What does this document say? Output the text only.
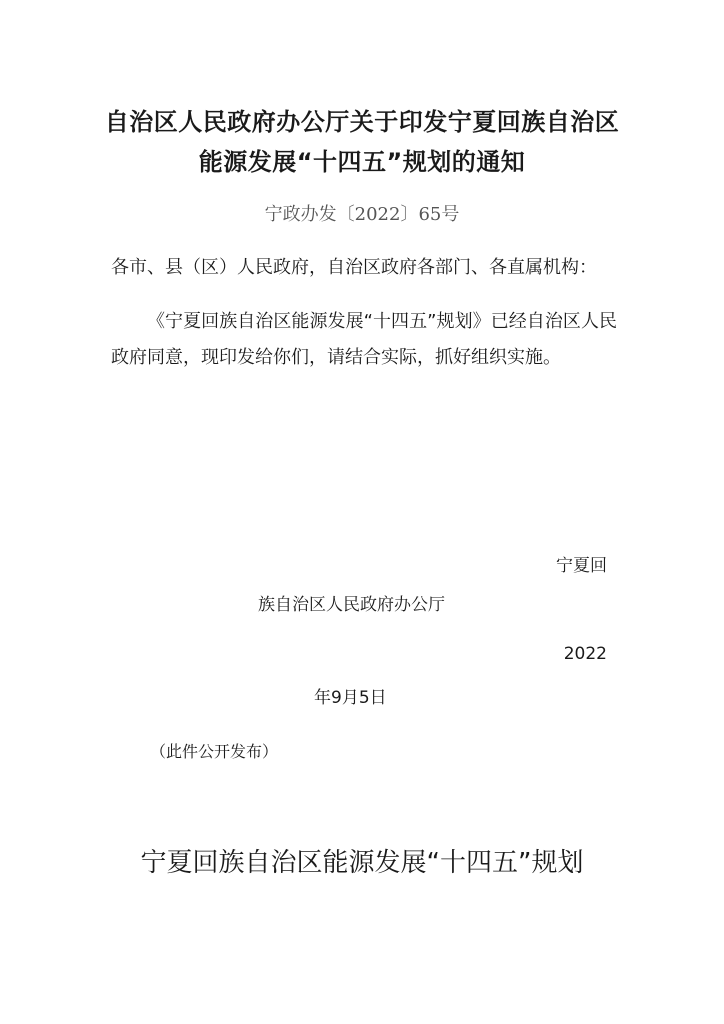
自治区人民政府办公厅关于印发宁夏回族自治区
能源发展“十四五”规划的通知
宁政办发〔2022〕65号
各市、县（区）人民政府，自治区政府各部门、各直属机构：
《宁夏回族自治区能源发展“十四五”规划》已经自治区人民政府同意，现印发给你们，请结合实际，抓好组织实施。
宁夏回
族自治区人民政府办公厅
2022
年9月5日
（此件公开发布）
宁夏回族自治区能源发展“十四五”规划
